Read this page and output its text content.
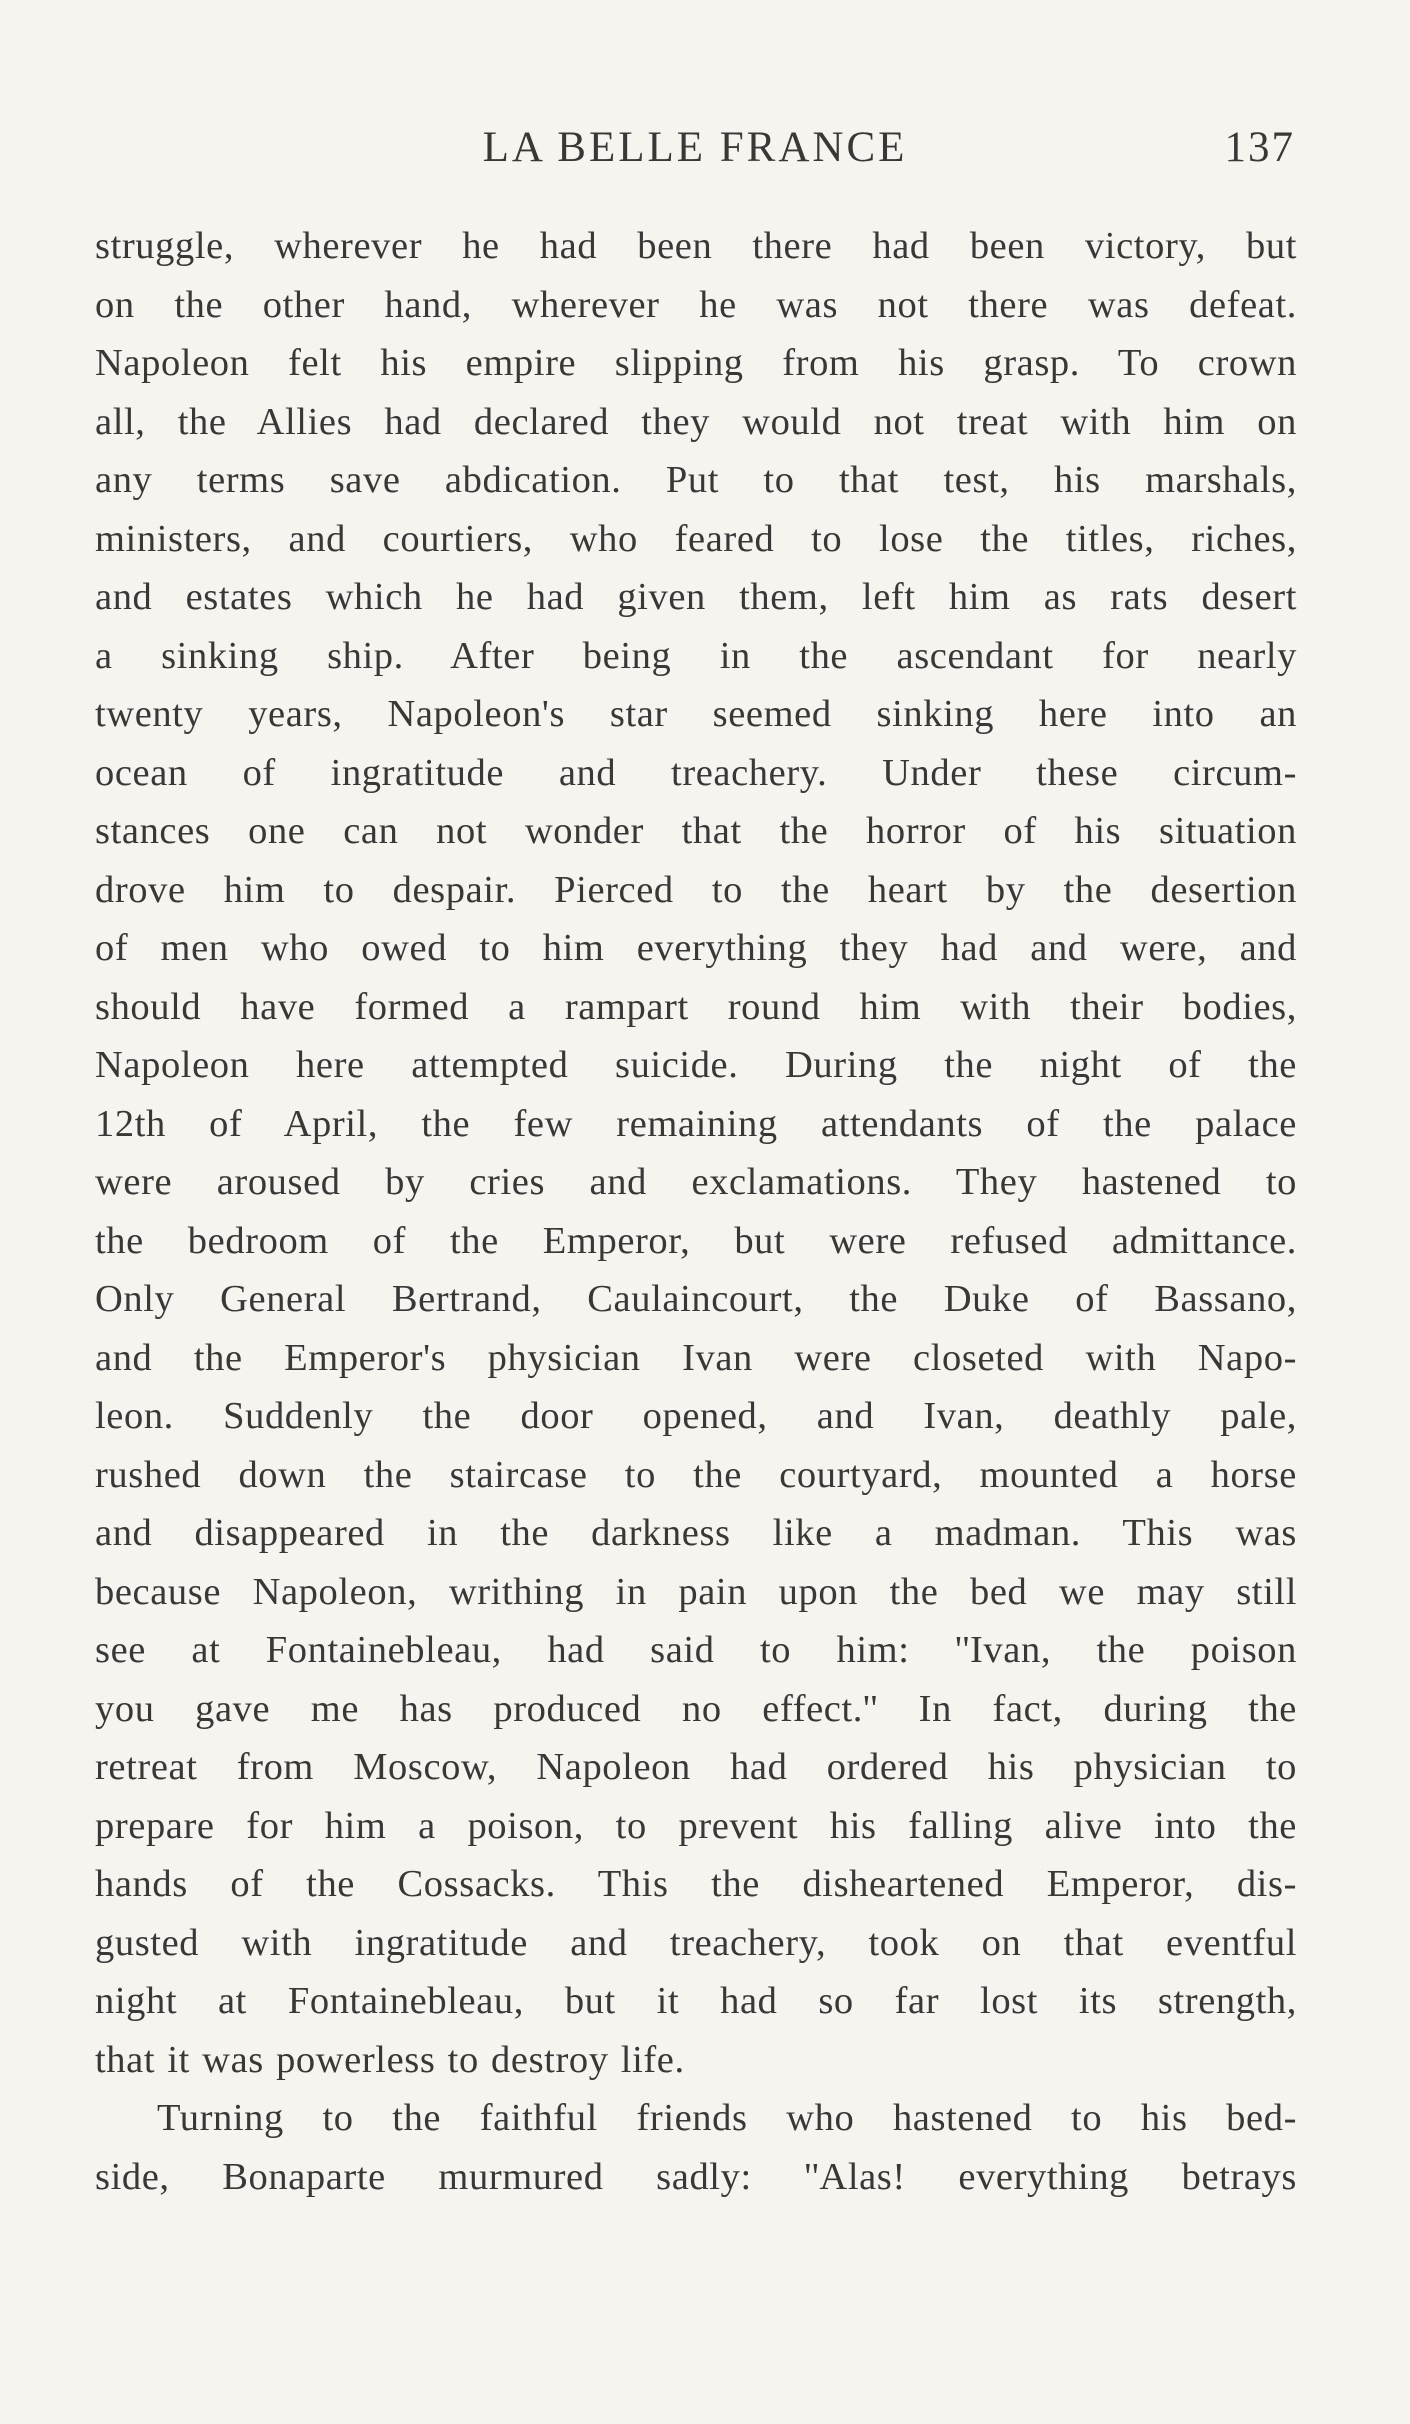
LA BELLE FRANCE	137
struggle, wherever he had been there had been victory, but
on the other hand, wherever he was not there was defeat.
Napoleon felt his empire slipping from his grasp. To crown
all, the Allies had declared they would not treat with him on
any terms save abdication. Put to that test, his marshals,
ministers, and courtiers, who feared to lose the titles, riches,
and estates which he had given them, left him as rats desert
a sinking ship. After being in the ascendant for nearly
twenty years, Napoleon's star seemed sinking here into an
ocean of ingratitude and treachery. Under these circum-
stances one can not wonder that the horror of his situation
drove him to despair. Pierced to the heart by the desertion
of men who owed to him everything they had and were, and
should have formed a rampart round him with their bodies,
Napoleon here attempted suicide. During the night of the
12th of April, the few remaining attendants of the palace
were aroused by cries and exclamations. They hastened to
the bedroom of the Emperor, but were refused admittance.
Only General Bertrand, Caulaincourt, the Duke of Bassano,
and the Emperor's physician Ivan were closeted with Napo-
leon. Suddenly the door opened, and Ivan, deathly pale,
rushed down the staircase to the courtyard, mounted a horse
and disappeared in the darkness like a madman. This was
because Napoleon, writhing in pain upon the bed we may still
see at Fontainebleau, had said to him: ''Ivan, the poison
you gave me has produced no effect.'' In fact, during the
retreat from Moscow, Napoleon had ordered his physician to
prepare for him a poison, to prevent his falling alive into the
hands of the Cossacks. This the disheartened Emperor, dis-
gusted with ingratitude and treachery, took on that eventful
night at Fontainebleau, but it had so far lost its strength,
that it was powerless to destroy life.
Turning to the faithful friends who hastened to his bed-
side, Bonaparte murmured sadly: ''Alas! everything betrays
